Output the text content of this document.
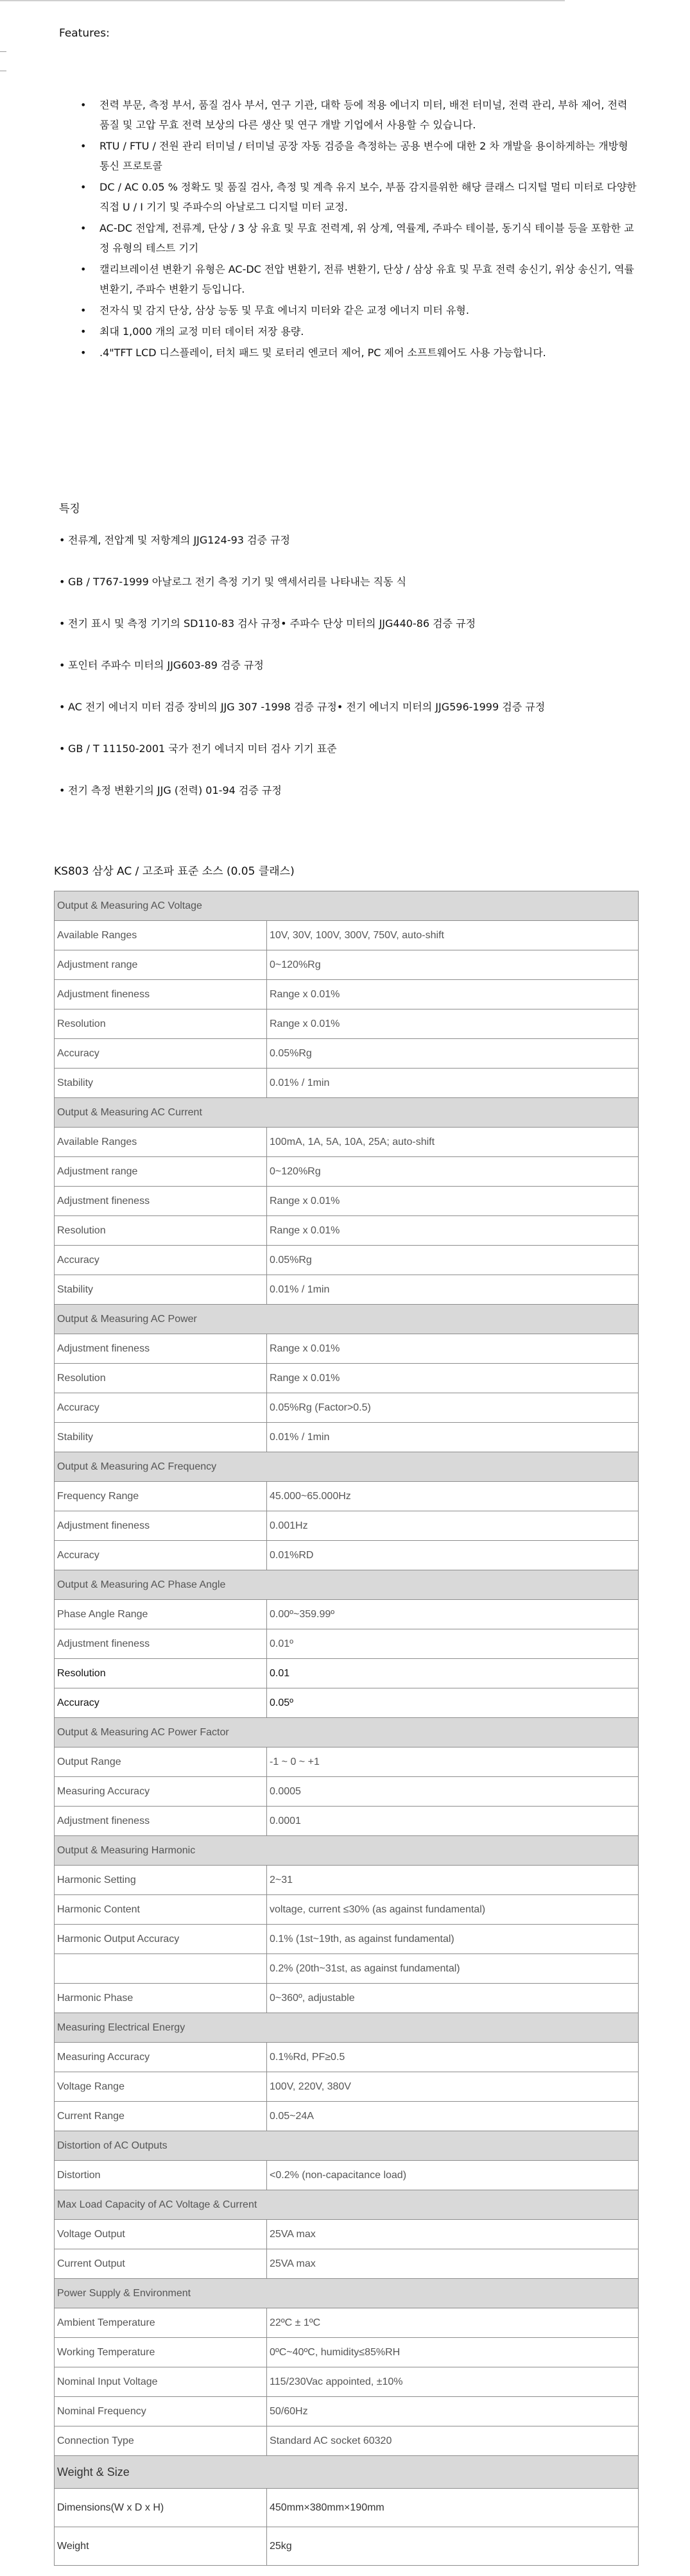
Features:
• 전력 부문, 측정 부서, 품질 검사 부서, 연구 기관, 대학 등에 적용 에너지 미터, 배전 터미널, 전력 관리, 부하 제어, 전력 품질 및 고압 무효 전력 보상의 다른 생산 및 연구 개발 기업에서 사용할 수 있습니다.
• RTU / FTU / 전원 관리 터미널 / 터미널 공장 자동 검증을 측정하는 공용 변수에 대한 2 차 개발을 용이하게하는 개방형 통신 프로토콜
• DC / AC 0.05 % 정확도 및 품질 검사, 측정 및 계측 유지 보수, 부품 감지를위한 해당 클래스 디지털 멀티 미터로 다양한 직접 U / I 기기 및 주파수의 아날로그 디지털 미터 교정.
• AC-DC 전압계, 전류계, 단상 / 3 상 유효 및 무효 전력계, 위 상계, 역률계, 주파수 테이블, 동기식 테이블 등을 포함한 교정 유형의 테스트 기기
• 캘리브레이션 변환기 유형은 AC-DC 전압 변환기, 전류 변환기, 단상 / 삼상 유효 및 무효 전력 송신기, 위상 송신기, 역률 변환기, 주파수 변환기 등입니다.
• 전자식 및 감지 단상, 삼상 능동 및 무효 에너지 미터와 같은 교정 에너지 미터 유형.
• 최대 1,000 개의 교정 미터 데이터 저장 용량.
• .4"TFT LCD 디스플레이, 터치 패드 및 로터리 엔코더 제어, PC 제어 소프트웨어도 사용 가능합니다.
특징
• 전류계, 전압계 및 저항계의 JJG124-93 검증 규정
• GB / T767-1999 아날로그 전기 측정 기기 및 액세서리를 나타내는 직동 식
• 전기 표시 및 측정 기기의 SD110-83 검사 규정• 주파수 단상 미터의 JJG440-86 검증 규정
• 포인터 주파수 미터의 JJG603-89 검증 규정
• AC 전기 에너지 미터 검증 장비의 JJG 307 -1998 검증 규정• 전기 에너지 미터의 JJG596-1999 검증 규정
• GB / T 11150-2001 국가 전기 에너지 미터 검사 기기 표준
• 전기 측정 변환기의 JJG (전력) 01-94 검증 규정
KS803 삼상 AC / 고조파 표준 소스 (0.05 클래스)
Output & Measuring AC Voltage	
Available Ranges	10V, 30V, 100V, 300V, 750V, auto-shift
Adjustment range	0~120%Rg
Adjustment fineness	Range x 0.01%
Resolution	Range x 0.01%
Accuracy	0.05%Rg
Stability	0.01% / 1min
Output & Measuring AC Current	
Available Ranges	100mA, 1A, 5A, 10A, 25A; auto-shift
Adjustment range	0~120%Rg
Adjustment fineness	Range x 0.01%
Resolution	Range x 0.01%
Accuracy	0.05%Rg
Stability	0.01% / 1min
Output & Measuring AC Power	
Adjustment fineness	Range x 0.01%
Resolution	Range x 0.01%
Accuracy	0.05%Rg (Factor>0.5)
Stability	0.01% / 1min
Output & Measuring AC Frequency	
Frequency Range	45.000~65.000Hz
Adjustment fineness	0.001Hz
Accuracy	0.01%RD
Output & Measuring AC Phase Angle	
Phase Angle Range	0.00º~359.99º
Adjustment fineness	0.01º
Resolution	0.01
Accuracy	0.05º
Output & Measuring AC Power Factor	
Output Range	-1 ~ 0 ~ +1
Measuring Accuracy	0.0005
Adjustment fineness	0.0001
Output & Measuring Harmonic	
Harmonic Setting	2~31
Harmonic Content	voltage, current ≤30% (as against fundamental)
Harmonic Output Accuracy	0.1% (1st~19th, as against fundamental)
	0.2% (20th~31st, as against fundamental)
Harmonic Phase	0~360º, adjustable
Measuring Electrical Energy	
Measuring Accuracy	0.1%Rd, PF≥0.5
Voltage Range	100V, 220V, 380V
Current Range	0.05~24A
Distortion of AC Outputs	
Distortion	<0.2% (non-capacitance load)
Max Load Capacity of AC Voltage & Current	
Voltage Output	25VA max
Current Output	25VA max
Power Supply & Environment	
Ambient Temperature	22ºC ± 1ºC
Working Temperature	0ºC~40ºC, humidity≤85%RH
Nominal Input Voltage	115/230Vac appointed, ±10%
Nominal Frequency	50/60Hz
Connection Type	Standard AC socket 60320
Weight & Size	
Dimensions(W x D x H)	450mm×380mm×190mm
Weight	25kg
